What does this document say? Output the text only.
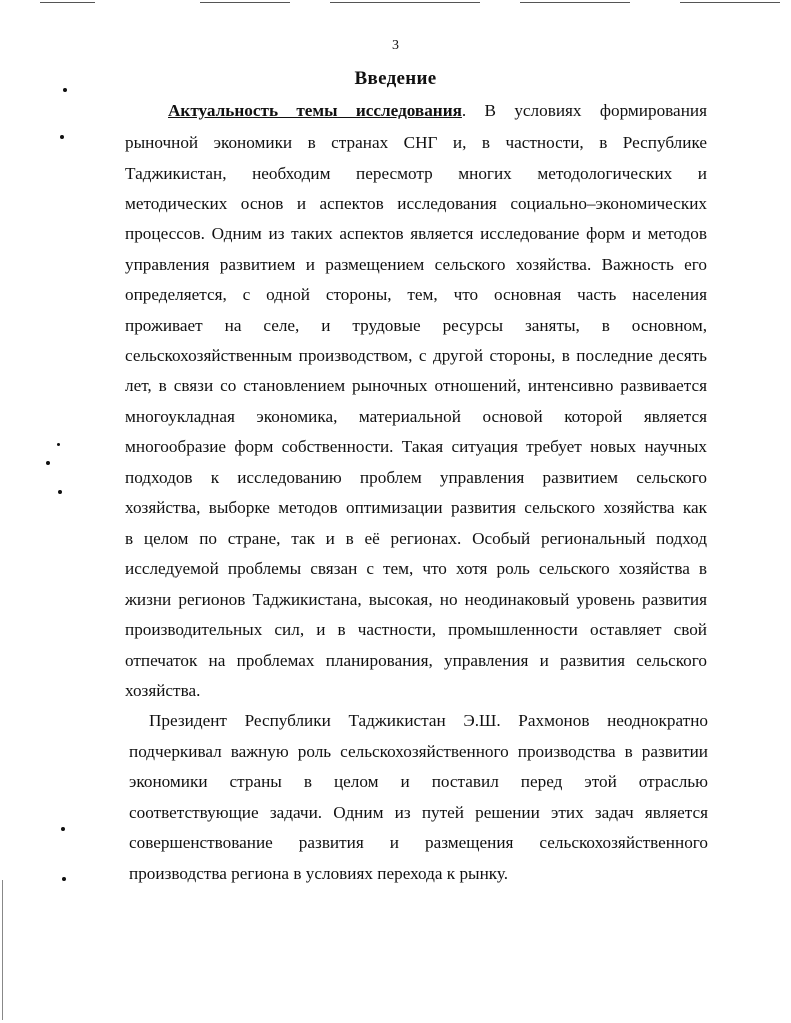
3
Введение
Актуальность темы исследования. В условиях формирования
рыночной экономики в странах СНГ и, в частности, в Республике
Таджикистан, необходим пересмотр многих методологических и
методических основ и аспектов исследования социально–экономических
процессов. Одним из таких аспектов является исследование форм и методов
управления развитием и размещением сельского хозяйства. Важность его
определяется, с одной стороны, тем, что основная часть населения
проживает на селе, и трудовые ресурсы заняты, в основном,
сельскохозяйственным производством, с другой стороны, в последние десять
лет, в связи со становлением рыночных отношений, интенсивно развивается
многоукладная экономика, материальной основой которой является
многообразие форм собственности. Такая ситуация требует новых научных
подходов к исследованию проблем управления развитием сельского
хозяйства, выборке методов оптимизации развития сельского хозяйства как
в целом по стране, так и в её регионах. Особый региональный подход
исследуемой проблемы связан с тем, что хотя роль сельского хозяйства в
жизни регионов Таджикистана, высокая, но неодинаковый уровень развития
производительных сил, и в частности, промышленности оставляет свой
отпечаток на проблемах планирования, управления и развития сельского
хозяйства.
Президент Республики Таджикистан Э.Ш. Рахмонов неоднократно
подчеркивал важную роль сельскохозяйственного производства в развитии
экономики страны в целом и поставил перед этой отраслью
соответствующие задачи. Одним из путей решении этих задач является
совершенствование развития и размещения сельскохозяйственного
производства региона в условиях перехода к рынку.
